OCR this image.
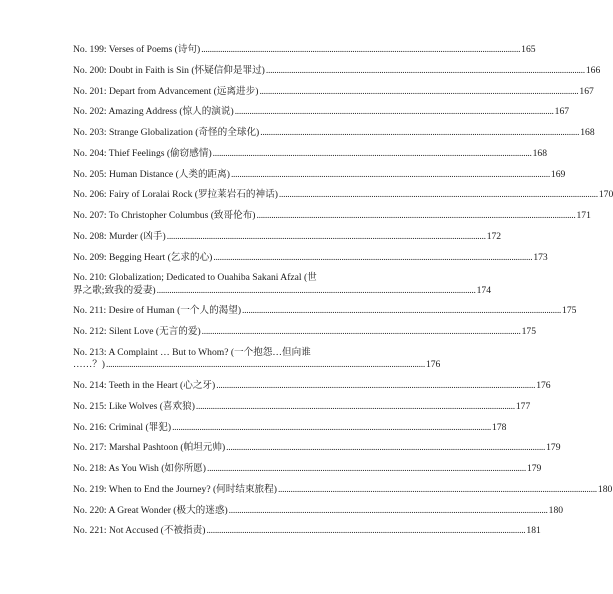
No. 199: Verses of Poems (诗句) .....	165
No. 200: Doubt in Faith is Sin (怀疑信仰是罪过) .....	166
No. 201: Depart from Advancement (远离进步) .....	167
No. 202: Amazing Address (惊人的演说) .....	167
No. 203: Strange Globalization (奇怪的全球化) .....	168
No. 204: Thief Feelings (偷窃感情) .....	168
No. 205: Human Distance (人类的距离) .....	169
No. 206: Fairy of Loralai Rock (罗拉莱岩石的神话) .....	170
No. 207: To Christopher Columbus (致哥伦布) .....	171
No. 208: Murder (凶手) .....	172
No. 209: Begging Heart (乞求的心) .....	173
No. 210: Globalization; Dedicated to Ouahiba Sakani Afzal (世
界之歌;致我的爱妻) .....	174
No. 211: Desire of Human (一个人的渴望) .....	175
No. 212: Silent Love (无言的爱) .....	175
No. 213: A Complaint … But to Whom? (一个抱怨…但向谁
……？) .....	176
No. 214: Teeth in the Heart (心之牙) .....	176
No. 215: Like Wolves (喜欢狼) .....	177
No. 216: Criminal (罪犯) .....	178
No. 217: Marshal Pashtoon (帕坦元帅) .....	179
No. 218: As You Wish (如你所愿) .....	179
No. 219: When to End the Journey? (何时结束旅程) .....	180
No. 220: A Great Wonder (极大的迷惑) .....	180
No. 221: Not Accused (不被指责) .....	181
